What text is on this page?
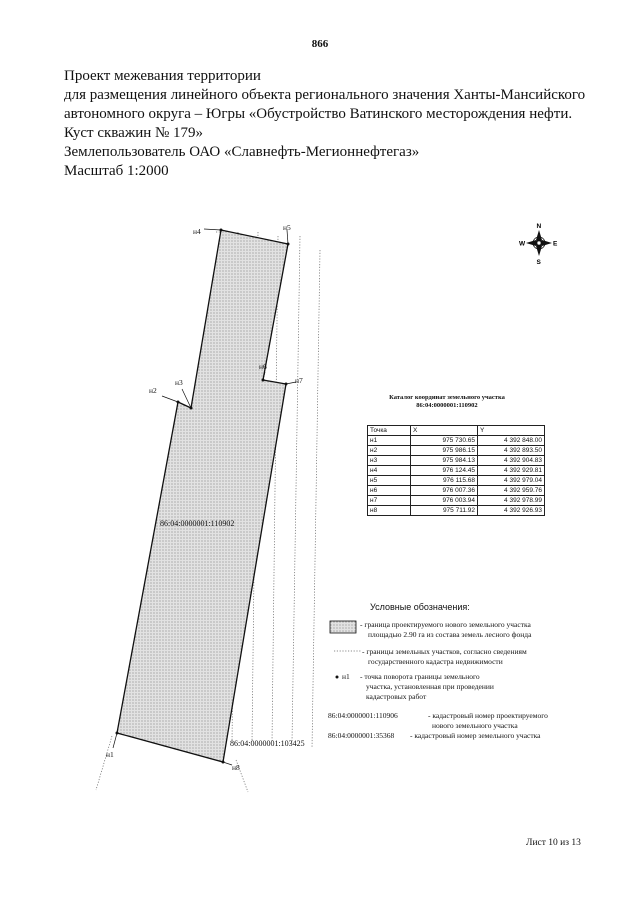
н4	н5
н2
н3
н6
н7
н1
н8
86:04:0000001:110902
86:04:0000001:103425
N
S
W	E
866
Проект межевания территории
для размещения линейного объекта регионального значения Ханты-Мансийского
автономного округа – Югры «Обустройство Ватинского месторождения нефти.
Куст скважин № 179»
Землепользователь ОАО «Славнефть-Мегионнефтегаз»
Масштаб 1:2000
Каталог координат земельного участка
86:04:0000001:110902
Точка	X	Y
н1	975 730.65	4 392 848.00
н2	975 986.15	4 392 893.50
н3	975 984.13	4 392 904.83
н4	976 124.45	4 392 929.81
н5	976 115.68	4 392 979.04
н6	976 007.36	4 392 959.76
н7	976 003.94	4 392 978.99
н8	975 711.92	4 392 926.93
Условные обозначения:
- граница проектируемого нового земельного участка
площадью 2.90 га из состава земель лесного фонда
- границы земельных участков, согласно сведениям
государственного кадастра недвижимости
н1 - точка поворота границы земельного
участка, установленная при проведении
кадастровых работ
86:04:0000001:110906	- кадастровый номер проектируемого
нового земельного участка
86:04:0000001:35368 - кадастровый номер земельного участка
Лист 10 из 13
